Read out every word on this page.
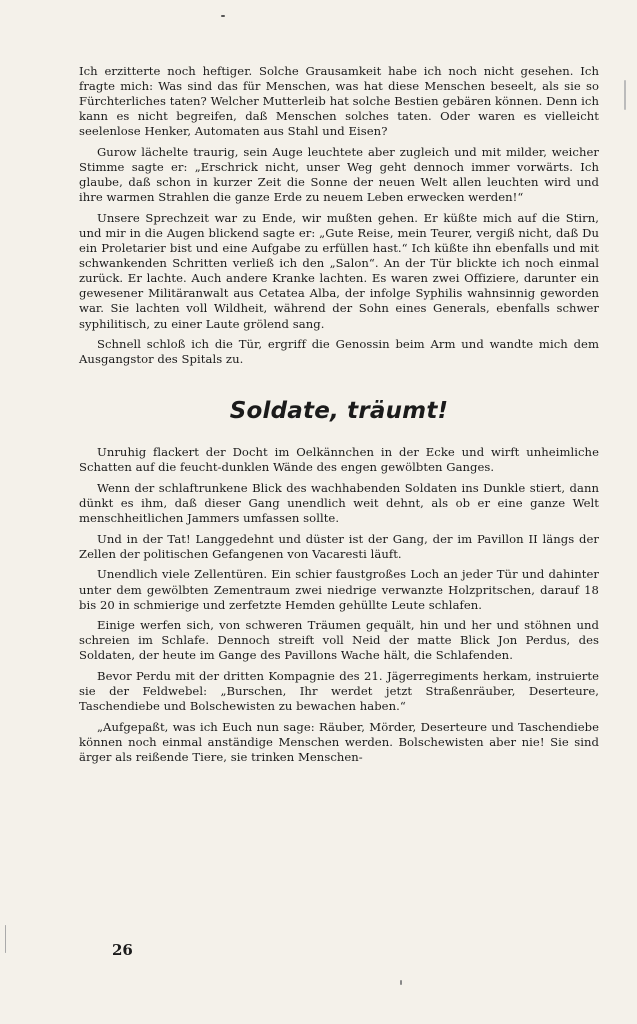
Ich erzitterte noch heftiger. Solche Grausamkeit habe ich noch nicht gesehen. Ich fragte mich: Was sind das für Menschen, was hat diese Menschen beseelt, als sie so Fürchterliches taten? Welcher Mutterleib hat solche Bestien gebären können. Denn ich kann es nicht begreifen, daß Menschen solches taten. Oder waren es vielleicht seelenlose Henker, Automaten aus Stahl und Eisen?

Gurow lächelte traurig, sein Auge leuchtete aber zugleich und mit milder, weicher Stimme sagte er: „Erschrick nicht, unser Weg geht dennoch immer vorwärts. Ich glaube, daß schon in kurzer Zeit die Sonne der neuen Welt allen leuchten wird und ihre warmen Strahlen die ganze Erde zu neuem Leben erwecken werden!“

Unsere Sprechzeit war zu Ende, wir mußten gehen. Er küßte mich auf die Stirn, und mir in die Augen blickend sagte er: „Gute Reise, mein Teurer, vergiß nicht, daß Du ein Proletarier bist und eine Aufgabe zu erfüllen hast.“ Ich küßte ihn ebenfalls und mit schwankenden Schritten verließ ich den „Salon“. An der Tür blickte ich noch einmal zurück. Er lachte. Auch andere Kranke lachten. Es waren zwei Offiziere, darunter ein gewesener Militäranwalt aus Cetatea Alba, der infolge Syphilis wahnsinnig geworden war. Sie lachten voll Wildheit, während der Sohn eines Generals, ebenfalls schwer syphilitisch, zu einer Laute grölend sang.

Schnell schloß ich die Tür, ergriff die Genossin beim Arm und wandte mich dem Ausgangstor des Spitals zu.

Soldate, träumt!

Unruhig flackert der Docht im Oelkännchen in der Ecke und wirft unheimliche Schatten auf die feucht-dunklen Wände des engen gewölbten Ganges.

Wenn der schlaftrunkene Blick des wachhabenden Soldaten ins Dunkle stiert, dann dünkt es ihm, daß dieser Gang unendlich weit dehnt, als ob er eine ganze Welt menschheitlichen Jammers umfassen sollte.

Und in der Tat! Langgedehnt und düster ist der Gang, der im Pavillon II längs der Zellen der politischen Gefangenen von Vacaresti läuft.

Unendlich viele Zellentüren. Ein schier faustgroßes Loch an jeder Tür und dahinter unter dem gewölbten Zementraum zwei niedrige verwanzte Holzpritschen, darauf 18 bis 20 in schmierige und zerfetzte Hemden gehüllte Leute schlafen.

Einige werfen sich, von schweren Träumen gequält, hin und her und stöhnen und schreien im Schlafe. Dennoch streift voll Neid der matte Blick Jon Perdus, des Soldaten, der heute im Gange des Pavillons Wache hält, die Schlafenden.

Bevor Perdu mit der dritten Kompagnie des 21. Jägerregiments herkam, instruierte sie der Feldwebel: „Burschen, Ihr werdet jetzt Straßenräuber, Deserteure, Taschendiebe und Bolschewisten zu bewachen haben.“

„Aufgepaßt, was ich Euch nun sage: Räuber, Mörder, Deserteure und Taschendiebe können noch einmal anständige Menschen werden. Bolschewisten aber nie! Sie sind ärger als reißende Tiere, sie trinken Menschen-

26
